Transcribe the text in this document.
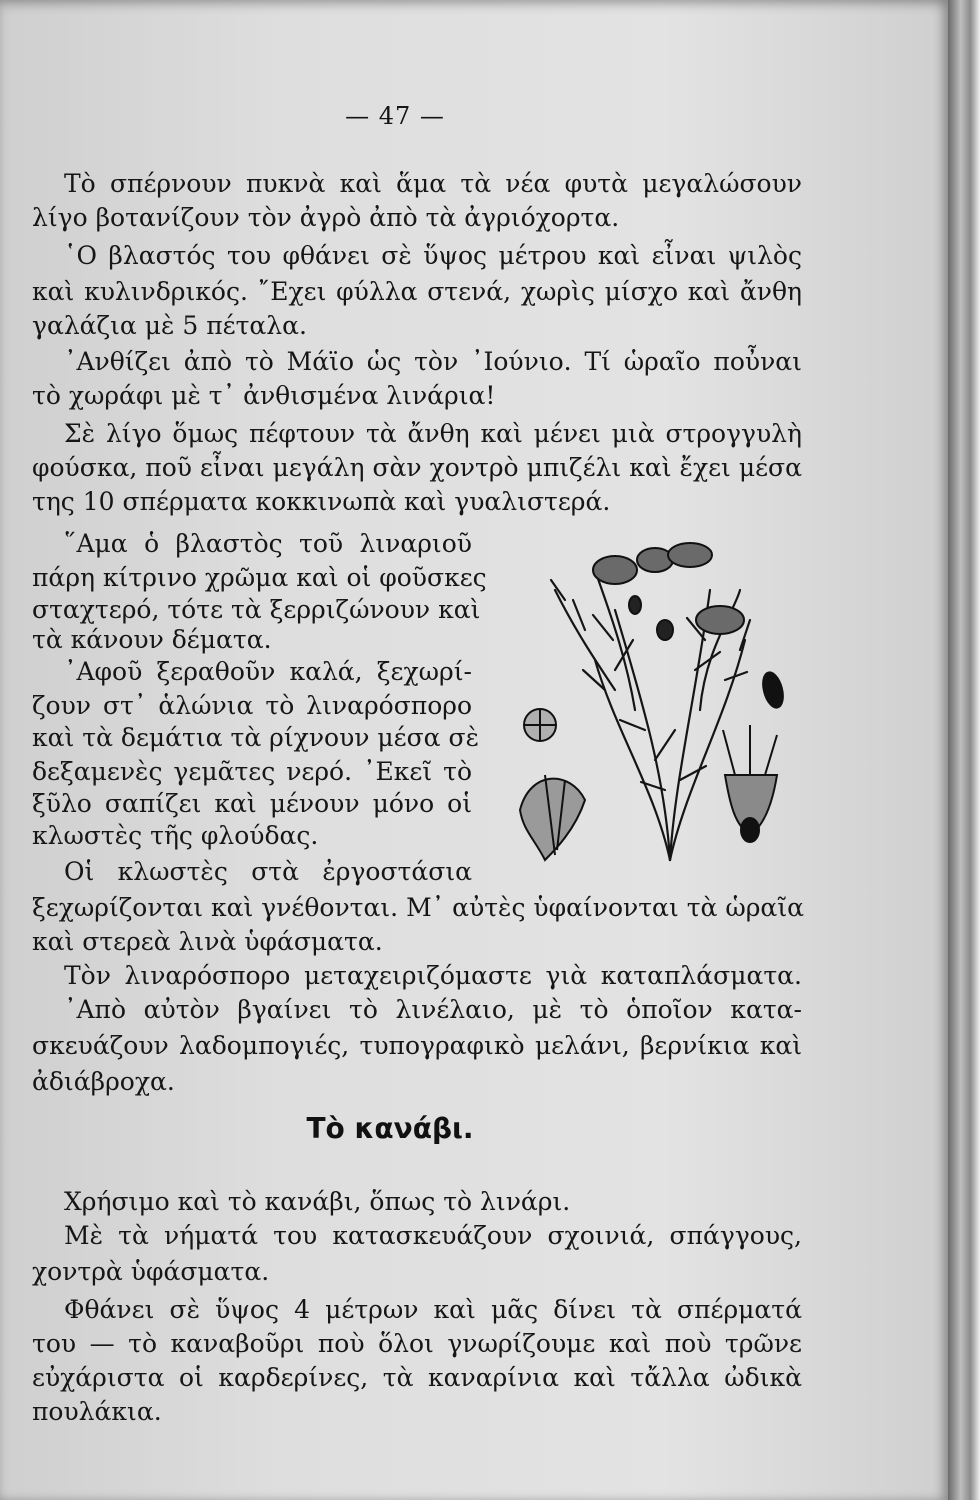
— 47 —
Τὸ σπέρνουν πυκνὰ καὶ ἅμα τὰ νέα φυτὰ μεγαλώσουν
λίγο βοτανίζουν τὸν ἀγρὸ ἀπὸ τὰ ἀγριόχορτα.
῾Ο βλαστός του φθάνει σὲ ὕψος μέτρου καὶ εἶναι ψιλὸς
καὶ κυλινδρικός. ῎Εχει φύλλα στενά, χωρὶς μίσχο καὶ ἄνθη
γαλάζια μὲ 5 πέταλα.
᾿Ανθίζει ἀπὸ τὸ Μάϊο ὡς τὸν ᾿Ιούνιο. Τί ὡραῖο ποὖναι
τὸ χωράφι μὲ τ᾿ ἀνθισμένα λινάρια!
Σὲ λίγο ὅμως πέφτουν τὰ ἄνθη καὶ μένει μιὰ στρογγυλὴ
φούσκα, ποῦ εἶναι μεγάλη σὰν χοντρὸ μπιζέλι καὶ ἔχει μέσα
της 10 σπέρματα κοκκινωπὰ καὶ γυαλιστερά.
῞Αμα ὁ βλαστὸς τοῦ λιναριοῦ
πάρη κίτρινο χρῶμα καὶ οἱ φοῦσκες
σταχτερό, τότε τὰ ξερριζώνουν καὶ
τὰ κάνουν δέματα.
᾿Αφοῦ ξεραθοῦν καλά, ξεχωρί-
ζουν στ᾿ ἁλώνια τὸ λιναρόσπορο
καὶ τὰ δεμάτια τὰ ρίχνουν μέσα σὲ
δεξαμενὲς γεμᾶτες νερό. ᾿Εκεῖ τὸ
ξῦλο σαπίζει καὶ μένουν μόνο οἱ
κλωστὲς τῆς φλούδας.
Οἱ κλωστὲς στὰ ἐργοστάσια
ξεχωρίζονται καὶ γνέθονται. Μ᾿ αὐτὲς ὑφαίνονται τὰ ὡραῖα
καὶ στερεὰ λινὰ ὑφάσματα.
Τὸν λιναρόσπορο μεταχειριζόμαστε γιὰ καταπλάσματα.
᾿Απὸ αὐτὸν βγαίνει τὸ λινέλαιο, μὲ τὸ ὁποῖον κατα-
σκευάζουν λαδομπογιές, τυπογραφικὸ μελάνι, βερνίκια καὶ
ἀδιάβροχα.
Τὸ κανάβι.
Χρήσιμο καὶ τὸ κανάβι, ὅπως τὸ λινάρι.
Μὲ τὰ νήματά του κατασκευάζουν σχοινιά, σπάγγους,
χοντρὰ ὑφάσματα.
Φθάνει σὲ ὕψος 4 μέτρων καὶ μᾶς δίνει τὰ σπέρματά
του — τὸ καναβοῦρι ποὺ ὅλοι γνωρίζουμε καὶ ποὺ τρῶνε
εὐχάριστα οἱ καρδερίνες, τὰ καναρίνια καὶ τἄλλα ὠδικὰ
πουλάκια.
